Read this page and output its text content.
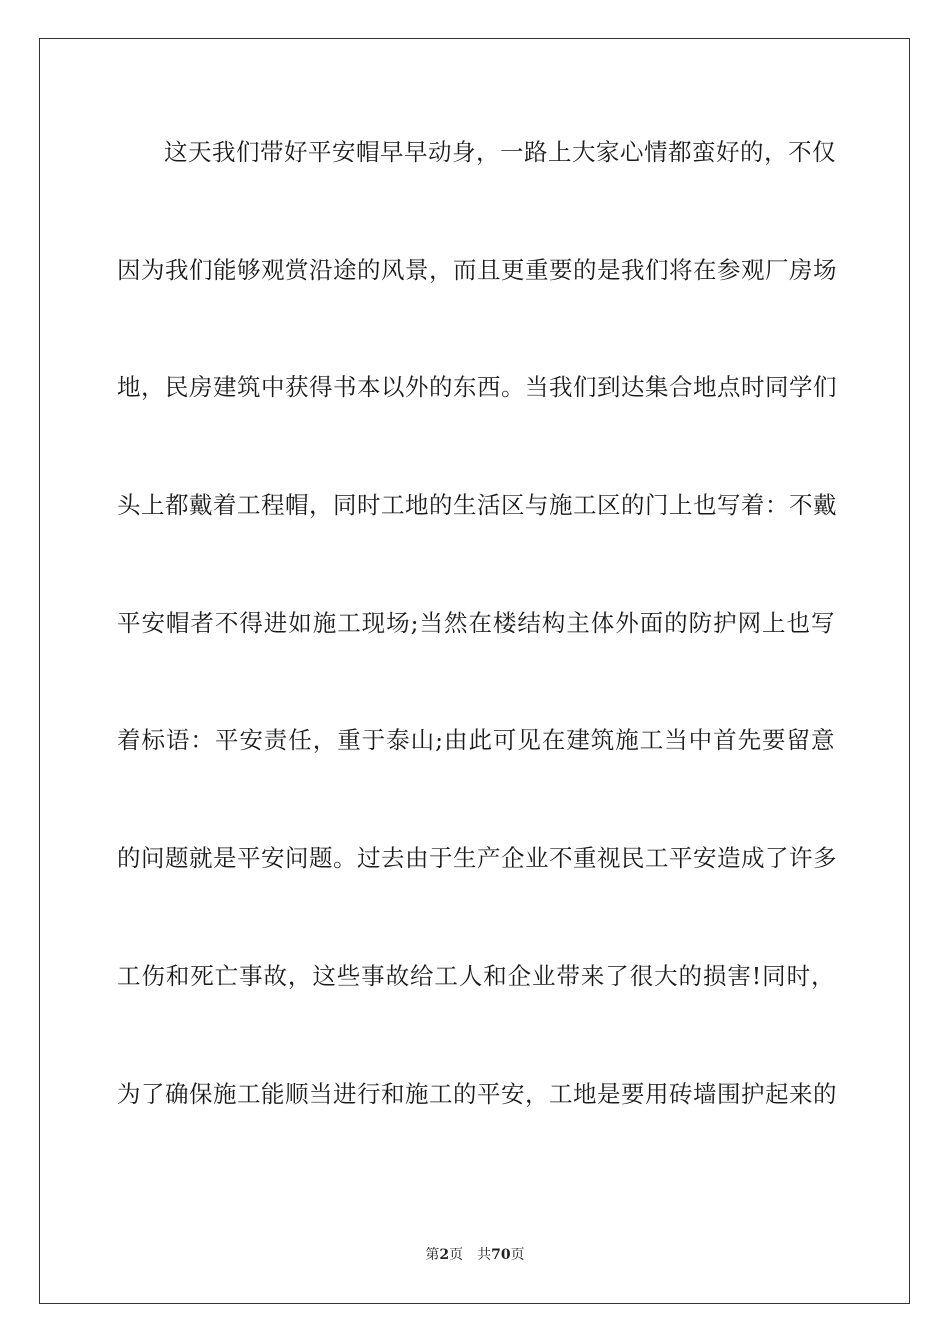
这天我们带好平安帽早早动身，一路上大家心情都蛮好的，不仅
因为我们能够观赏沿途的风景，而且更重要的是我们将在参观厂房场
地，民房建筑中获得书本以外的东西。当我们到达集合地点时同学们
头上都戴着工程帽，同时工地的生活区与施工区的门上也写着：不戴
平安帽者不得进如施工现场;当然在楼结构主体外面的防护网上也写
着标语：平安责任，重于泰山;由此可见在建筑施工当中首先要留意
的问题就是平安问题。过去由于生产企业不重视民工平安造成了许多
工伤和死亡事故，这些事故给工人和企业带来了很大的损害!同时，
为了确保施工能顺当进行和施工的平安，工地是要用砖墙围护起来的
第2页 共70页
